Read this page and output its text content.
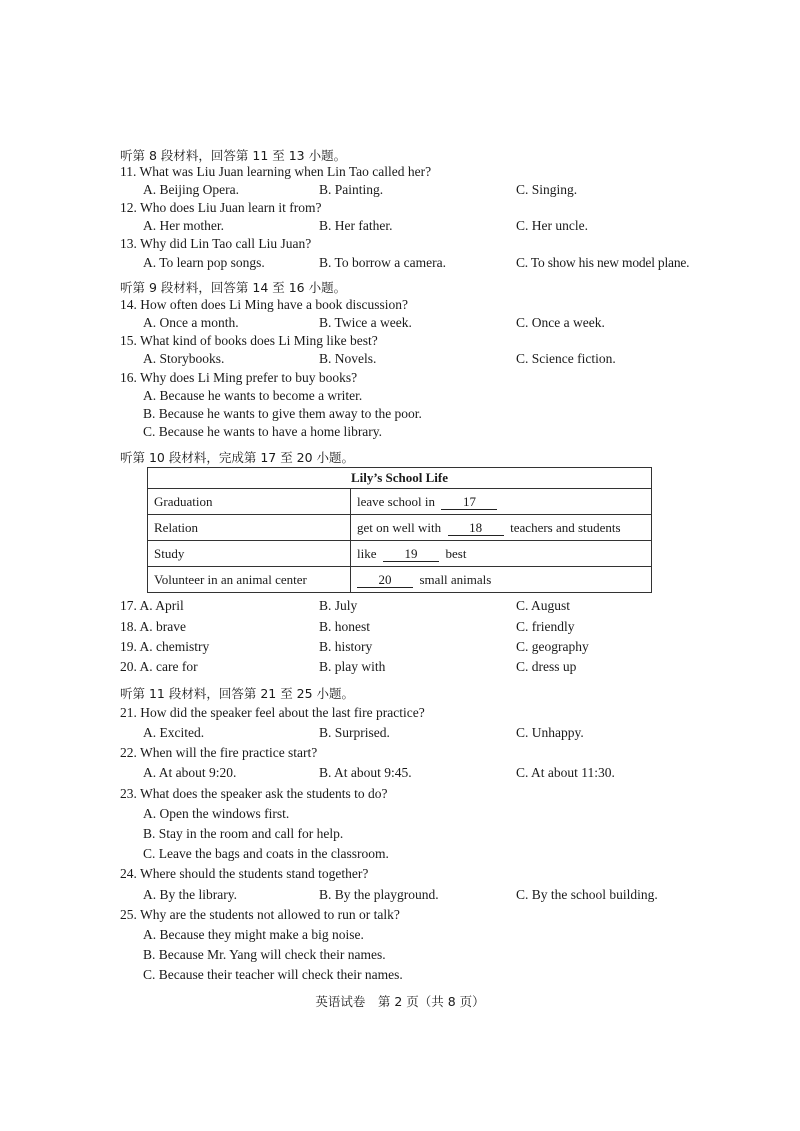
听第 8 段材料，回答第 11 至 13 小题。
11. What was Liu Juan learning when Lin Tao called her?
A. Beijing Opera.	B. Painting.	C. Singing.
12. Who does Liu Juan learn it from?
A. Her mother.	B. Her father.	C. Her uncle.
13. Why did Lin Tao call Liu Juan?
A. To learn pop songs.	B. To borrow a camera.	C. To show his new model plane.
听第 9 段材料，回答第 14 至 16 小题。
14. How often does Li Ming have a book discussion?
A. Once a month.	B. Twice a week.	C. Once a week.
15. What kind of books does Li Ming like best?
A. Storybooks.	B. Novels.	C. Science fiction.
16. Why does Li Ming prefer to buy books?
A. Because he wants to become a writer.
B. Because he wants to give them away to the poor.
C. Because he wants to have a home library.
听第 10 段材料，完成第 17 至 20 小题。
Lily’s School Life	
Graduation	leave school in 17
Relation	get on well with 18 teachers and students
Study	like 19 best
Volunteer in an animal center	20 small animals
17. A. April	B. July	C. August
18. A. brave	B. honest	C. friendly
19. A. chemistry	B. history	C. geography
20. A. care for	B. play with	C. dress up
听第 11 段材料，回答第 21 至 25 小题。
21. How did the speaker feel about the last fire practice?
A. Excited.	B. Surprised.	C. Unhappy.
22. When will the fire practice start?
A. At about 9:20.	B. At about 9:45.	C. At about 11:30.
23. What does the speaker ask the students to do?
A. Open the windows first.
B. Stay in the room and call for help.
C. Leave the bags and coats in the classroom.
24. Where should the students stand together?
A. By the library.	B. By the playground.	C. By the school building.
25. Why are the students not allowed to run or talk?
A. Because they might make a big noise.
B. Because Mr. Yang will check their names.
C. Because their teacher will check their names.
英语试卷　第 2 页（共 8 页）
